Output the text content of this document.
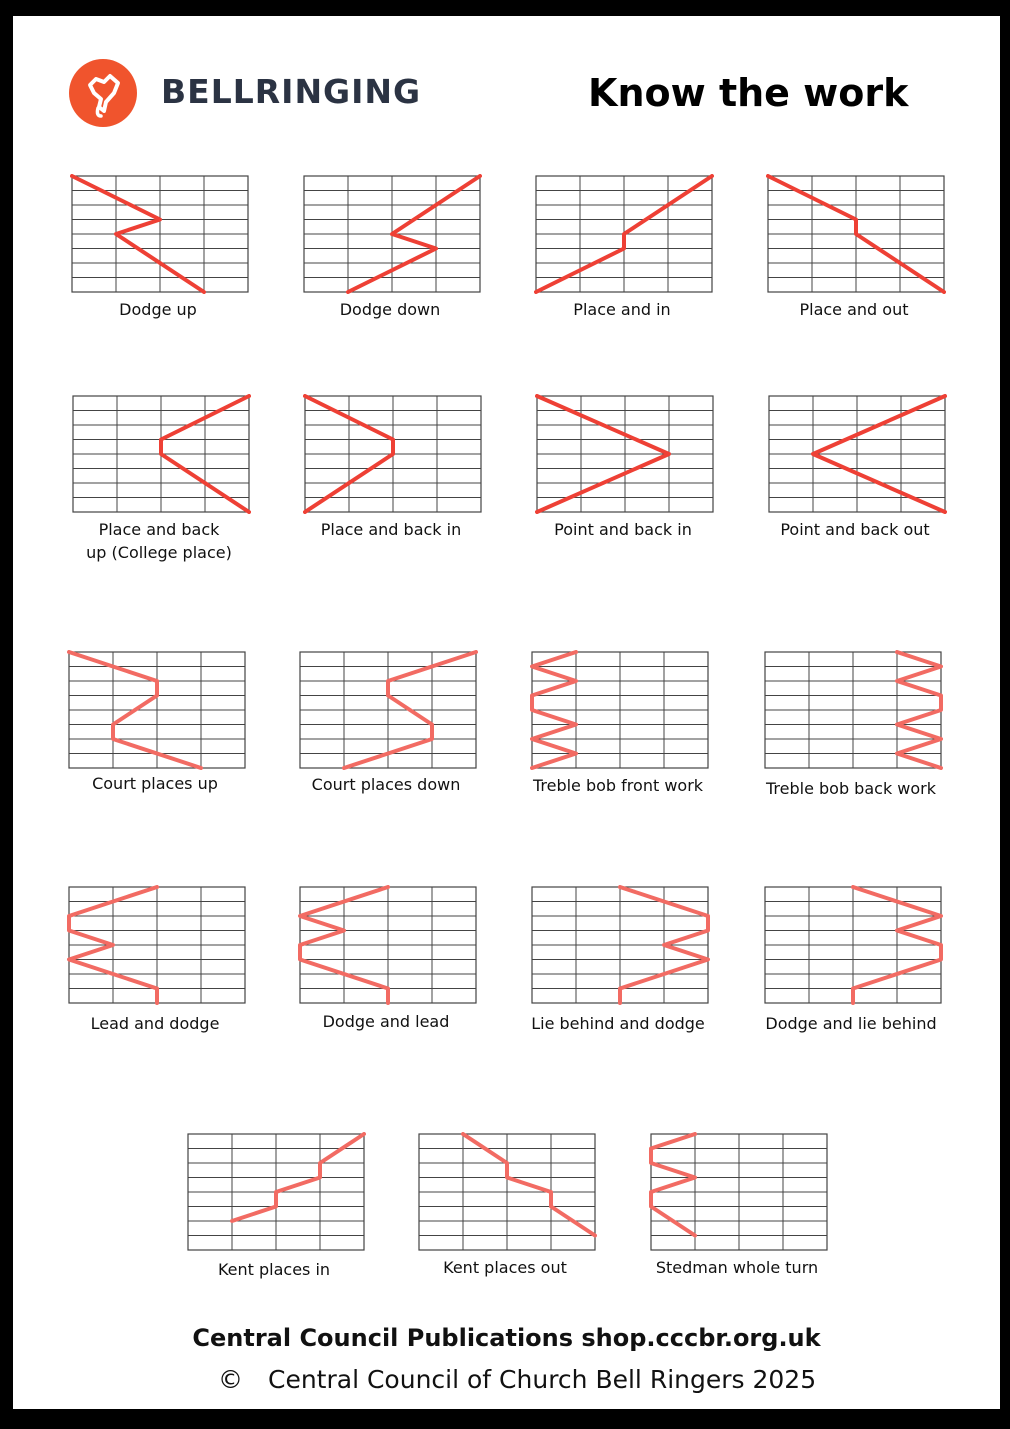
BELLRINGING	Know the work
Dodge up	Dodge down	Place and in	Place and out
Place and back
up (College place)
Place and back in	Point and back in	Point and back out
Court places up	Court places down	Treble bob front work	Treble bob back work
Lead and dodge	Dodge and lead	Lie behind and dodge	Dodge and lie behind
Kent places in	Kent places out	Stedman whole turn
Central Council Publications shop.cccbr.org.uk
© Central Council of Church Bell Ringers 2025
